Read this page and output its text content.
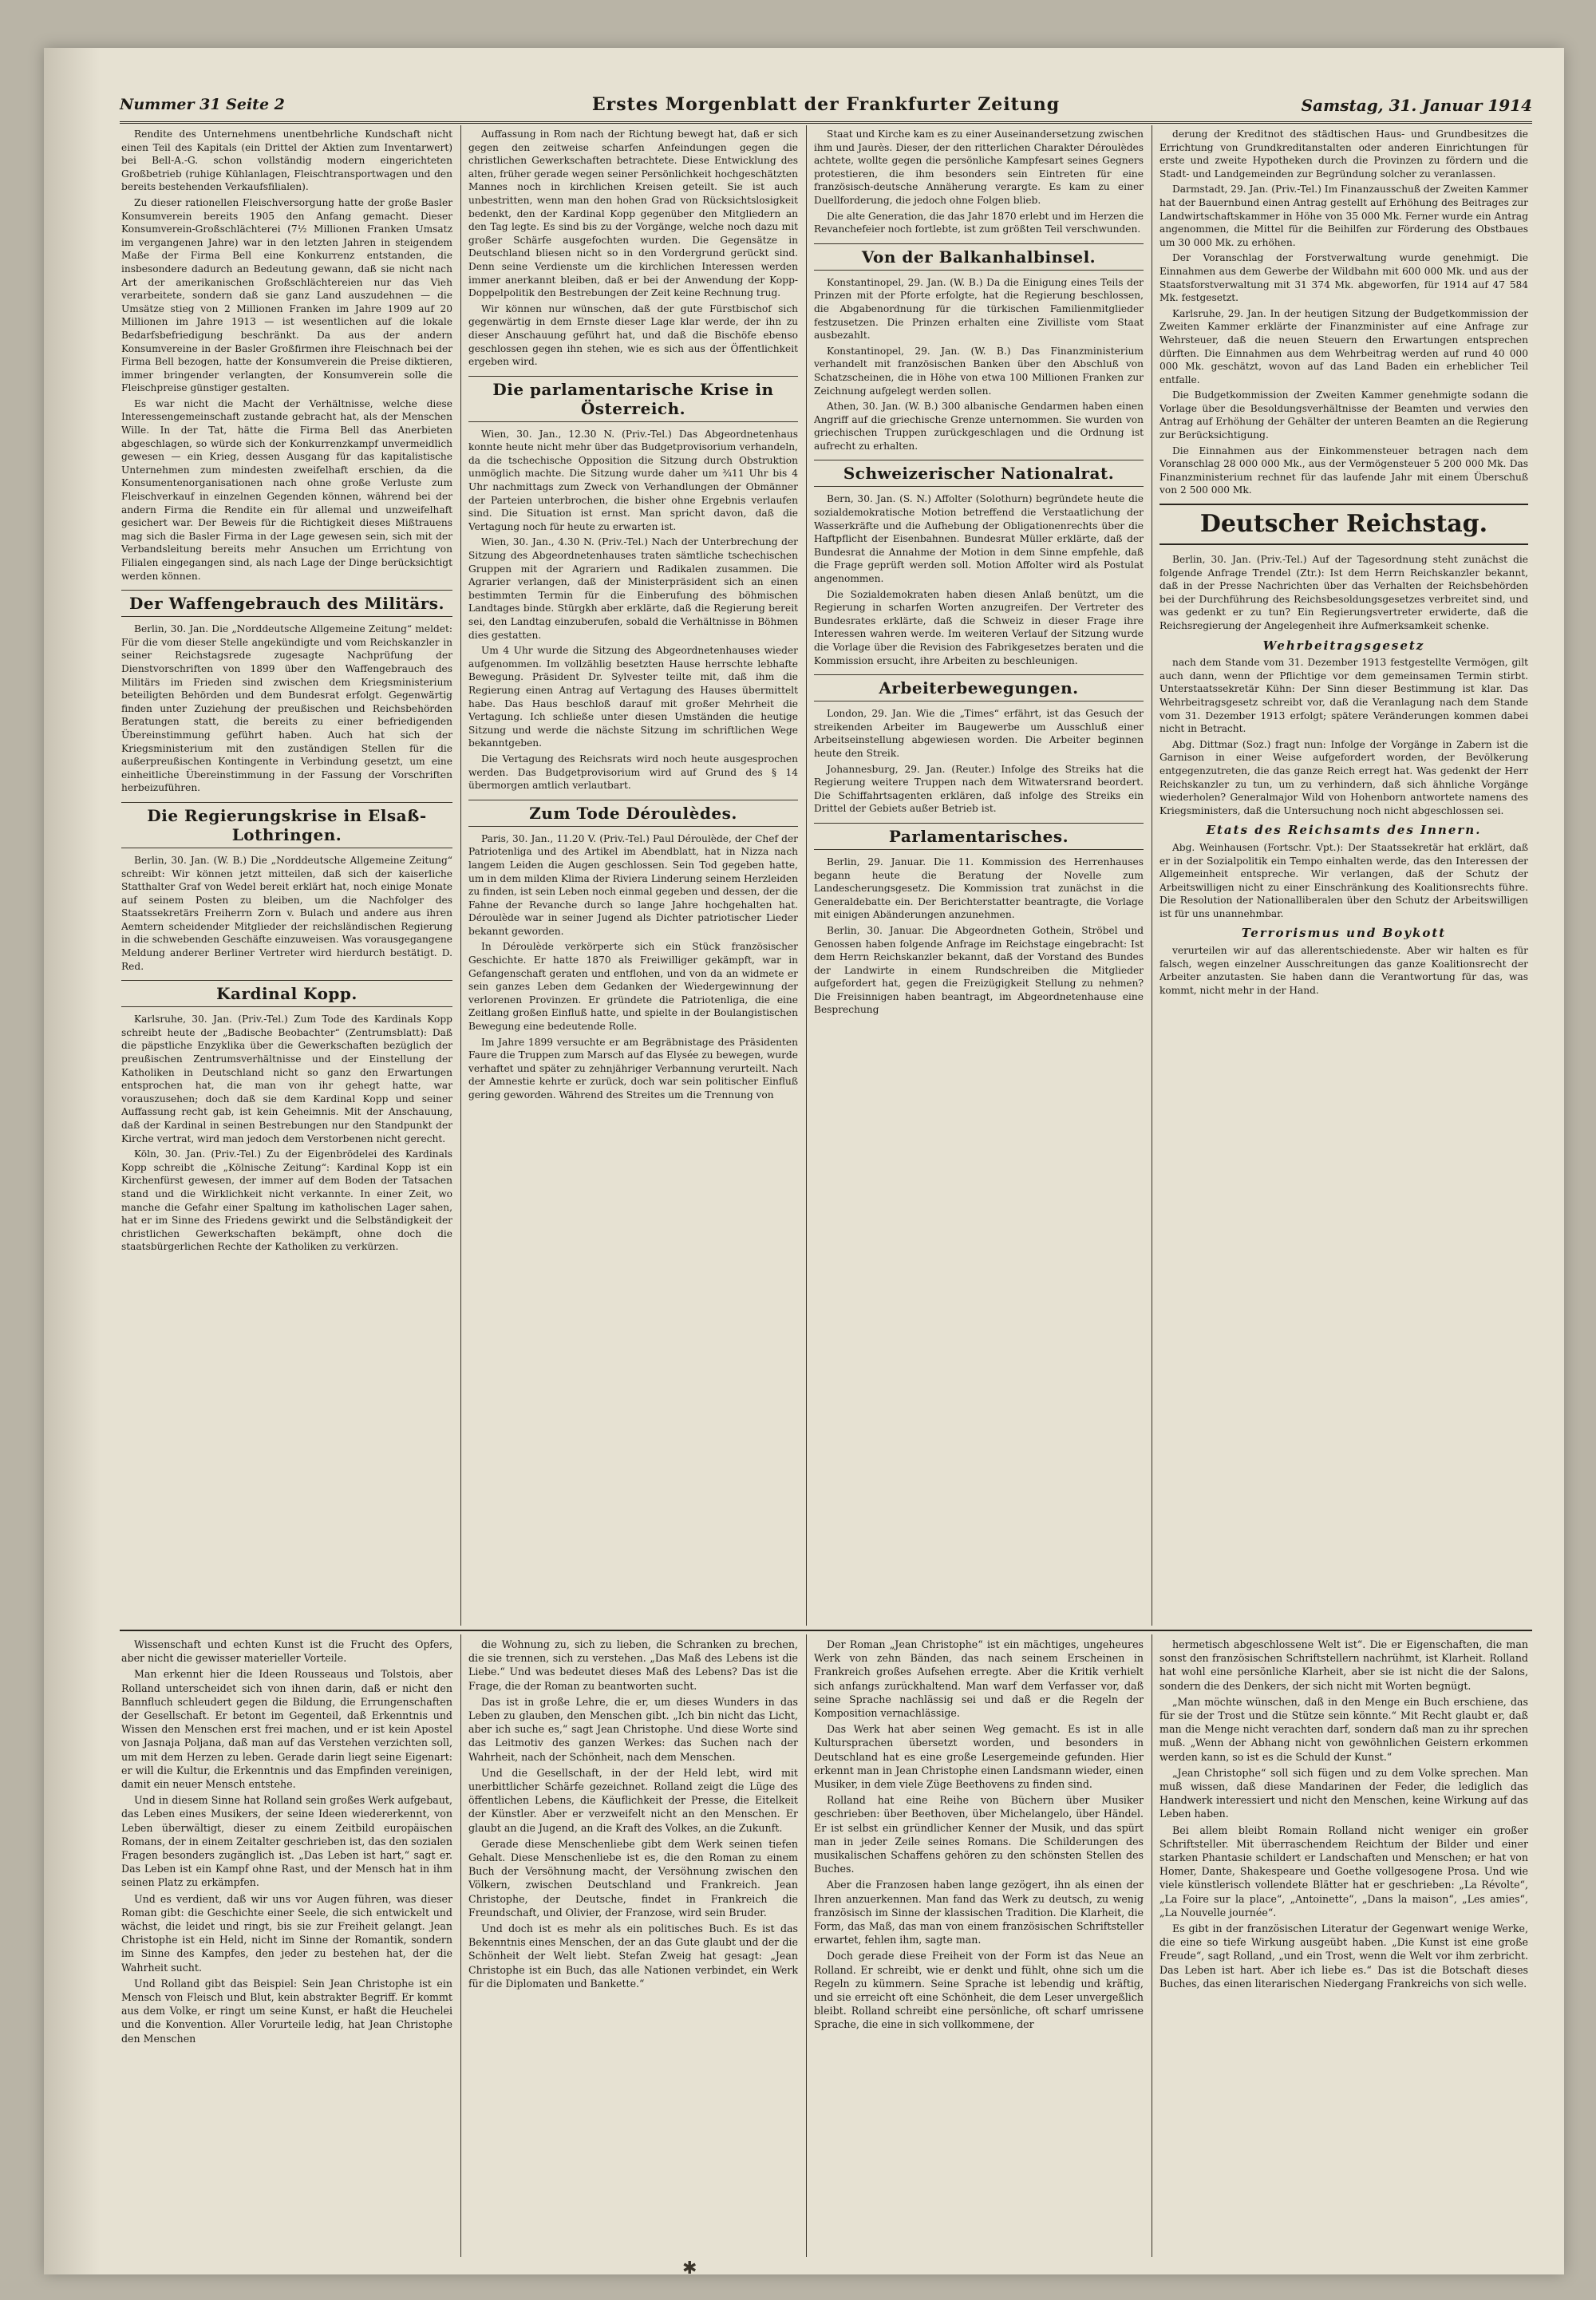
Nummer 31 Seite 2	Erstes Morgenblatt der Frankfurter Zeitung	Samstag, 31. Januar 1914

Rendite des Unternehmens unentbehrliche Kundschaft nicht einen Teil des Kapitals (ein Drittel der Aktien zum Inventarwert) bei Bell-A.-G. schon vollständig modern eingerichteten Großbetrieb (ruhige Kühlanlagen, Fleischtransportwagen und den bereits bestehenden Verkaufsfilialen).

Zu dieser rationellen Fleischversorgung hatte der große Basler Konsumverein bereits 1905 den Anfang gemacht. Dieser Konsumverein-Großschlächterei (7½ Millionen Franken Umsatz im vergangenen Jahre) war in den letzten Jahren in steigendem Maße der Firma Bell eine Konkurrenz entstanden, die insbesondere dadurch an Bedeutung gewann, daß sie nicht nach Art der amerikanischen Großschlächtereien nur das Vieh verarbeitete, sondern daß sie ganz Land auszudehnen — die Umsätze stieg von 2 Millionen Franken im Jahre 1909 auf 20 Millionen im Jahre 1913 — ist wesentlichen auf die lokale Bedarfsbefriedigung beschränkt. Da aus der andern Konsumvereine in der Basler Großfirmen ihre Fleischnach bei der Firma Bell bezogen, hatte der Konsumverein die Preise diktieren, immer bringender verlangten, der Konsumverein solle die Fleischpreise günstiger gestalten.

Es war nicht die Macht der Verhältnisse, welche diese Interessengemeinschaft zustande gebracht hat, als der Menschen Wille. In der Tat, hätte die Firma Bell das Anerbieten abgeschlagen, so würde sich der Konkurrenzkampf unvermeidlich gewesen — ein Krieg, dessen Ausgang für das kapitalistische Unternehmen zum mindesten zweifelhaft erschien, da die Konsumentenorganisationen nach ohne große Verluste zum Fleischverkauf in einzelnen Gegenden können, während bei der andern Firma die Rendite ein für allemal und unzweifelhaft gesichert war. Der Beweis für die Richtigkeit dieses Mißtrauens mag sich die Basler Firma in der Lage gewesen sein, sich mit der Verbandsleitung bereits mehr Ansuchen um Errichtung von Filialen eingegangen sind, als nach Lage der Dinge berücksichtigt werden können.

Der Waffengebrauch des Militärs.

Berlin, 30. Jan. Die „Norddeutsche Allgemeine Zeitung“ meldet: Für die vom dieser Stelle angekündigte und vom Reichskanzler in seiner Reichstagsrede zugesagte Nachprüfung der Dienstvorschriften von 1899 über den Waffengebrauch des Militärs im Frieden sind zwischen dem Kriegsministerium beteiligten Behörden und dem Bundesrat erfolgt. Gegenwärtig finden unter Zuziehung der preußischen und Reichsbehörden Beratungen statt, die bereits zu einer befriedigenden Übereinstimmung geführt haben. Auch hat sich der Kriegsministerium mit den zuständigen Stellen für die außerpreußischen Kontingente in Verbindung gesetzt, um eine einheitliche Übereinstimmung in der Fassung der Vorschriften herbeizuführen.

Die Regierungskrise in Elsaß-Lothringen.

Berlin, 30. Jan. (W. B.) Die „Norddeutsche Allgemeine Zeitung“ schreibt: Wir können jetzt mitteilen, daß sich der kaiserliche Statthalter Graf von Wedel bereit erklärt hat, noch einige Monate auf seinem Posten zu bleiben, um die Nachfolger des Staatssekretärs Freiherrn Zorn v. Bulach und andere aus ihren Aemtern scheidender Mitglieder der reichsländischen Regierung in die schwebenden Geschäfte einzuweisen. Was vorausgegangene Meldung anderer Berliner Vertreter wird hierdurch bestätigt. D. Red.

Kardinal Kopp.

Karlsruhe, 30. Jan. (Priv.-Tel.) Zum Tode des Kardinals Kopp schreibt heute der „Badische Beobachter“ (Zentrumsblatt): Daß die päpstliche Enzyklika über die Gewerkschaften bezüglich der preußischen Zentrumsverhältnisse und der Einstellung der Katholiken in Deutschland nicht so ganz den Erwartungen entsprochen hat, die man von ihr gehegt hatte, war vorauszusehen; doch daß sie dem Kardinal Kopp und seiner Auffassung recht gab, ist kein Geheimnis. Mit der Anschauung, daß der Kardinal in seinen Bestrebungen nur den Standpunkt der Kirche vertrat, wird man jedoch dem Verstorbenen nicht gerecht.

Köln, 30. Jan. (Priv.-Tel.) Zu der Eigenbrödelei des Kardinals Kopp schreibt die „Kölnische Zeitung“: Kardinal Kopp ist ein Kirchenfürst gewesen, der immer auf dem Boden der Tatsachen stand und die Wirklichkeit nicht verkannte. In einer Zeit, wo manche die Gefahr einer Spaltung im katholischen Lager sahen, hat er im Sinne des Friedens gewirkt und die Selbständigkeit der christlichen Gewerkschaften bekämpft, ohne doch die staatsbürgerlichen Rechte der Katholiken zu verkürzen.

Auffassung in Rom nach der Richtung bewegt hat, daß er sich gegen den zeitweise scharfen Anfeindungen gegen die christlichen Gewerkschaften betrachtete. Diese Entwicklung des alten, früher gerade wegen seiner Persönlichkeit hochgeschätzten Mannes noch in kirchlichen Kreisen geteilt. Sie ist auch unbestritten, wenn man den hohen Grad von Rücksichtslosigkeit bedenkt, den der Kardinal Kopp gegenüber den Mitgliedern an den Tag legte. Es sind bis zu der Vorgänge, welche noch dazu mit großer Schärfe ausgefochten wurden. Die Gegensätze in Deutschland bliesen nicht so in den Vordergrund gerückt sind. Denn seine Verdienste um die kirchlichen Interessen werden immer anerkannt bleiben, daß er bei der Anwendung der Kopp-Doppelpolitik den Bestrebungen der Zeit keine Rechnung trug.

Wir können nur wünschen, daß der gute Fürstbischof sich gegenwärtig in dem Ernste dieser Lage klar werde, der ihn zu dieser Anschauung geführt hat, und daß die Bischöfe ebenso geschlossen gegen ihn stehen, wie es sich aus der Öffentlichkeit ergeben wird.

Die parlamentarische Krise in Österreich.

Wien, 30. Jan., 12.30 N. (Priv.-Tel.) Das Abgeordnetenhaus konnte heute nicht mehr über das Budgetprovisorium verhandeln, da die tschechische Opposition die Sitzung durch Obstruktion unmöglich machte. Die Sitzung wurde daher um ¾11 Uhr bis 4 Uhr nachmittags zum Zweck von Verhandlungen der Obmänner der Parteien unterbrochen, die bisher ohne Ergebnis verlaufen sind. Die Situation ist ernst. Man spricht davon, daß die Vertagung noch für heute zu erwarten ist.

Wien, 30. Jan., 4.30 N. (Priv.-Tel.) Nach der Unterbrechung der Sitzung des Abgeordnetenhauses traten sämtliche tschechischen Gruppen mit der Agrariern und Radikalen zusammen. Die Agrarier verlangen, daß der Ministerpräsident sich an einen bestimmten Termin für die Einberufung des böhmischen Landtages binde. Stürgkh aber erklärte, daß die Regierung bereit sei, den Landtag einzuberufen, sobald die Verhältnisse in Böhmen dies gestatten.

Um 4 Uhr wurde die Sitzung des Abgeordnetenhauses wieder aufgenommen. Im vollzählig besetzten Hause herrschte lebhafte Bewegung. Präsident Dr. Sylvester teilte mit, daß ihm die Regierung einen Antrag auf Vertagung des Hauses übermittelt habe. Das Haus beschloß darauf mit großer Mehrheit die Vertagung. Ich schließe unter diesen Umständen die heutige Sitzung und werde die nächste Sitzung im schriftlichen Wege bekanntgeben.

Die Vertagung des Reichsrats wird noch heute ausgesprochen werden. Das Budgetprovisorium wird auf Grund des § 14 übermorgen amtlich verlautbart.

Zum Tode Déroulèdes.

Paris, 30. Jan., 11.20 V. (Priv.-Tel.) Paul Déroulède, der Chef der Patriotenliga und des Artikel im Abendblatt, hat in Nizza nach langem Leiden die Augen geschlossen. Sein Tod gegeben hatte, um in dem milden Klima der Riviera Linderung seinem Herzleiden zu finden, ist sein Leben noch einmal gegeben und dessen, der die Fahne der Revanche durch so lange Jahre hochgehalten hat. Déroulède war in seiner Jugend als Dichter patriotischer Lieder bekannt geworden.

In Déroulède verkörperte sich ein Stück französischer Geschichte. Er hatte 1870 als Freiwilliger gekämpft, war in Gefangenschaft geraten und entflohen, und von da an widmete er sein ganzes Leben dem Gedanken der Wiedergewinnung der verlorenen Provinzen. Er gründete die Patriotenliga, die eine Zeitlang großen Einfluß hatte, und spielte in der Boulangistischen Bewegung eine bedeutende Rolle.

Im Jahre 1899 versuchte er am Begräbnistage des Präsidenten Faure die Truppen zum Marsch auf das Elysée zu bewegen, wurde verhaftet und später zu zehnjähriger Verbannung verurteilt. Nach der Amnestie kehrte er zurück, doch war sein politischer Einfluß gering geworden. Während des Streites um die Trennung von

Staat und Kirche kam es zu einer Auseinandersetzung zwischen ihm und Jaurès. Dieser, der den ritterlichen Charakter Déroulèdes achtete, wollte gegen die persönliche Kampfesart seines Gegners protestieren, die ihm besonders sein Eintreten für eine französisch-deutsche Annäherung verargte. Es kam zu einer Duellforderung, die jedoch ohne Folgen blieb.

Die alte Generation, die das Jahr 1870 erlebt und im Herzen die Revanchefeier noch fortlebte, ist zum größten Teil verschwunden.

Von der Balkanhalbinsel.

Konstantinopel, 29. Jan. (W. B.) Da die Einigung eines Teils der Prinzen mit der Pforte erfolgte, hat die Regierung beschlossen, die Abgabenordnung für die türkischen Familienmitglieder festzusetzen. Die Prinzen erhalten eine Zivilliste vom Staat ausbezahlt.

Konstantinopel, 29. Jan. (W. B.) Das Finanzministerium verhandelt mit französischen Banken über den Abschluß von Schatzscheinen, die in Höhe von etwa 100 Millionen Franken zur Zeichnung aufgelegt werden sollen.

Athen, 30. Jan. (W. B.) 300 albanische Gendarmen haben einen Angriff auf die griechische Grenze unternommen. Sie wurden von griechischen Truppen zurückgeschlagen und die Ordnung ist aufrecht zu erhalten.

Schweizerischer Nationalrat.

Bern, 30. Jan. (S. N.) Affolter (Solothurn) begründete heute die sozialdemokratische Motion betreffend die Verstaatlichung der Wasserkräfte und die Aufhebung der Obligationenrechts über die Haftpflicht der Eisenbahnen. Bundesrat Müller erklärte, daß der Bundesrat die Annahme der Motion in dem Sinne empfehle, daß die Frage geprüft werden soll. Motion Affolter wird als Postulat angenommen.

Die Sozialdemokraten haben diesen Anlaß benützt, um die Regierung in scharfen Worten anzugreifen. Der Vertreter des Bundesrates erklärte, daß die Schweiz in dieser Frage ihre Interessen wahren werde. Im weiteren Verlauf der Sitzung wurde die Vorlage über die Revision des Fabrikgesetzes beraten und die Kommission ersucht, ihre Arbeiten zu beschleunigen.

Arbeiterbewegungen.

London, 29. Jan. Wie die „Times“ erfährt, ist das Gesuch der streikenden Arbeiter im Baugewerbe um Ausschluß einer Arbeitseinstellung abgewiesen worden. Die Arbeiter beginnen heute den Streik.

Johannesburg, 29. Jan. (Reuter.) Infolge des Streiks hat die Regierung weitere Truppen nach dem Witwatersrand beordert. Die Schiffahrtsagenten erklären, daß infolge des Streiks ein Drittel der Gebiets außer Betrieb ist.

Parlamentarisches.

Berlin, 29. Januar. Die 11. Kommission des Herrenhauses begann heute die Beratung der Novelle zum Landescherungsgesetz. Die Kommission trat zunächst in die Generaldebatte ein. Der Berichterstatter beantragte, die Vorlage mit einigen Abänderungen anzunehmen.

Berlin, 30. Januar. Die Abgeordneten Gothein, Ströbel und Genossen haben folgende Anfrage im Reichstage eingebracht: Ist dem Herrn Reichskanzler bekannt, daß der Vorstand des Bundes der Landwirte in einem Rundschreiben die Mitglieder aufgefordert hat, gegen die Freizügigkeit Stellung zu nehmen? Die Freisinnigen haben beantragt, im Abgeordnetenhause eine Besprechung

derung der Kreditnot des städtischen Haus- und Grundbesitzes die Errichtung von Grundkreditanstalten oder anderen Einrichtungen für erste und zweite Hypotheken durch die Provinzen zu fördern und die Stadt- und Landgemeinden zur Begründung solcher zu veranlassen.

Darmstadt, 29. Jan. (Priv.-Tel.) Im Finanzausschuß der Zweiten Kammer hat der Bauernbund einen Antrag gestellt auf Erhöhung des Beitrages zur Landwirtschaftskammer in Höhe von 35 000 Mk. Ferner wurde ein Antrag angenommen, die Mittel für die Beihilfen zur Förderung des Obstbaues um 30 000 Mk. zu erhöhen.

Der Voranschlag der Forstverwaltung wurde genehmigt. Die Einnahmen aus dem Gewerbe der Wildbahn mit 600 000 Mk. und aus der Staatsforstverwaltung mit 31 374 Mk. abgeworfen, für 1914 auf 47 584 Mk. festgesetzt.

Karlsruhe, 29. Jan. In der heutigen Sitzung der Budgetkommission der Zweiten Kammer erklärte der Finanzminister auf eine Anfrage zur Wehrsteuer, daß die neuen Steuern den Erwartungen entsprechen dürften. Die Einnahmen aus dem Wehrbeitrag werden auf rund 40 000 000 Mk. geschätzt, wovon auf das Land Baden ein erheblicher Teil entfalle.

Die Budgetkommission der Zweiten Kammer genehmigte sodann die Vorlage über die Besoldungsverhältnisse der Beamten und verwies den Antrag auf Erhöhung der Gehälter der unteren Beamten an die Regierung zur Berücksichtigung.

Die Einnahmen aus der Einkommensteuer betragen nach dem Voranschlag 28 000 000 Mk., aus der Vermögensteuer 5 200 000 Mk. Das Finanzministerium rechnet für das laufende Jahr mit einem Überschuß von 2 500 000 Mk.

Deutscher Reichstag.

Berlin, 30. Jan. (Priv.-Tel.) Auf der Tagesordnung steht zunächst die folgende Anfrage Trendel (Ztr.): Ist dem Herrn Reichskanzler bekannt, daß in der Presse Nachrichten über das Verhalten der Reichsbehörden bei der Durchführung des Reichsbesoldungsgesetzes verbreitet sind, und was gedenkt er zu tun? Ein Regierungsvertreter erwiderte, daß die Reichsregierung der Angelegenheit ihre Aufmerksamkeit schenke.

Wehrbeitragsgesetz

nach dem Stande vom 31. Dezember 1913 festgestellte Vermögen, gilt auch dann, wenn der Pflichtige vor dem gemeinsamen Termin stirbt. Unterstaatssekretär Kühn: Der Sinn dieser Bestimmung ist klar. Das Wehrbeitragsgesetz schreibt vor, daß die Veranlagung nach dem Stande vom 31. Dezember 1913 erfolgt; spätere Veränderungen kommen dabei nicht in Betracht.

Abg. Dittmar (Soz.) fragt nun: Infolge der Vorgänge in Zabern ist die Garnison in einer Weise aufgefordert worden, der Bevölkerung entgegenzutreten, die das ganze Reich erregt hat. Was gedenkt der Herr Reichskanzler zu tun, um zu verhindern, daß sich ähnliche Vorgänge wiederholen? Generalmajor Wild von Hohenborn antwortete namens des Kriegsministers, daß die Untersuchung noch nicht abgeschlossen sei.

Etats des Reichsamts des Innern.

Abg. Weinhausen (Fortschr. Vpt.): Der Staatssekretär hat erklärt, daß er in der Sozialpolitik ein Tempo einhalten werde, das den Interessen der Allgemeinheit entspreche. Wir verlangen, daß der Schutz der Arbeitswilligen nicht zu einer Einschränkung des Koalitionsrechts führe. Die Resolution der Nationalliberalen über den Schutz der Arbeitswilligen ist für uns unannehmbar.

Terrorismus und Boykott

verurteilen wir auf das allerentschiedenste. Aber wir halten es für falsch, wegen einzelner Ausschreitungen das ganze Koalitionsrecht der Arbeiter anzutasten. Sie haben dann die Verantwortung für das, was kommt, nicht mehr in der Hand.

Wissenschaft und echten Kunst ist die Frucht des Opfers, aber nicht die gewisser materieller Vorteile.

Man erkennt hier die Ideen Rousseaus und Tolstois, aber Rolland unterscheidet sich von ihnen darin, daß er nicht den Bannfluch schleudert gegen die Bildung, die Errungenschaften der Gesellschaft. Er betont im Gegenteil, daß Erkenntnis und Wissen den Menschen erst frei machen, und er ist kein Apostel von Jasnaja Poljana, daß man auf das Verstehen verzichten soll, um mit dem Herzen zu leben. Gerade darin liegt seine Eigenart: er will die Kultur, die Erkenntnis und das Empfinden vereinigen, damit ein neuer Mensch entstehe.

Und in diesem Sinne hat Rolland sein großes Werk aufgebaut, das Leben eines Musikers, der seine Ideen wiedererkennt, von Leben überwältigt, dieser zu einem Zeitbild europäischen Romans, der in einem Zeitalter geschrieben ist, das den sozialen Fragen besonders zugänglich ist. „Das Leben ist hart,“ sagt er. Das Leben ist ein Kampf ohne Rast, und der Mensch hat in ihm seinen Platz zu erkämpfen.

Und es verdient, daß wir uns vor Augen führen, was dieser Roman gibt: die Geschichte einer Seele, die sich entwickelt und wächst, die leidet und ringt, bis sie zur Freiheit gelangt. Jean Christophe ist ein Held, nicht im Sinne der Romantik, sondern im Sinne des Kampfes, den jeder zu bestehen hat, der die Wahrheit sucht.

Und Rolland gibt das Beispiel: Sein Jean Christophe ist ein Mensch von Fleisch und Blut, kein abstrakter Begriff. Er kommt aus dem Volke, er ringt um seine Kunst, er haßt die Heuchelei und die Konvention. Aller Vorurteile ledig, hat Jean Christophe den Menschen

die Wohnung zu, sich zu lieben, die Schranken zu brechen, die sie trennen, sich zu verstehen. „Das Maß des Lebens ist die Liebe.“ Und was bedeutet dieses Maß des Lebens? Das ist die Frage, die der Roman zu beantworten sucht.

Das ist in große Lehre, die er, um dieses Wunders in das Leben zu glauben, den Menschen gibt. „Ich bin nicht das Licht, aber ich suche es,“ sagt Jean Christophe. Und diese Worte sind das Leitmotiv des ganzen Werkes: das Suchen nach der Wahrheit, nach der Schönheit, nach dem Menschen.

Und die Gesellschaft, in der der Held lebt, wird mit unerbittlicher Schärfe gezeichnet. Rolland zeigt die Lüge des öffentlichen Lebens, die Käuflichkeit der Presse, die Eitelkeit der Künstler. Aber er verzweifelt nicht an den Menschen. Er glaubt an die Jugend, an die Kraft des Volkes, an die Zukunft.

Gerade diese Menschenliebe gibt dem Werk seinen tiefen Gehalt. Diese Menschenliebe ist es, die den Roman zu einem Buch der Versöhnung macht, der Versöhnung zwischen den Völkern, zwischen Deutschland und Frankreich. Jean Christophe, der Deutsche, findet in Frankreich die Freundschaft, und Olivier, der Franzose, wird sein Bruder.

Und doch ist es mehr als ein politisches Buch. Es ist das Bekenntnis eines Menschen, der an das Gute glaubt und der die Schönheit der Welt liebt. Stefan Zweig hat gesagt: „Jean Christophe ist ein Buch, das alle Nationen verbindet, ein Werk für die Diplomaten und Bankette.“

Der Roman „Jean Christophe“ ist ein mächtiges, ungeheures Werk von zehn Bänden, das nach seinem Erscheinen in Frankreich großes Aufsehen erregte. Aber die Kritik verhielt sich anfangs zurückhaltend. Man warf dem Verfasser vor, daß seine Sprache nachlässig sei und daß er die Regeln der Komposition vernachlässige.

Das Werk hat aber seinen Weg gemacht. Es ist in alle Kultursprachen übersetzt worden, und besonders in Deutschland hat es eine große Lesergemeinde gefunden. Hier erkennt man in Jean Christophe einen Landsmann wieder, einen Musiker, in dem viele Züge Beethovens zu finden sind.

Rolland hat eine Reihe von Büchern über Musiker geschrieben: über Beethoven, über Michelangelo, über Händel. Er ist selbst ein gründlicher Kenner der Musik, und das spürt man in jeder Zeile seines Romans. Die Schilderungen des musikalischen Schaffens gehören zu den schönsten Stellen des Buches.

Aber die Franzosen haben lange gezögert, ihn als einen der Ihren anzuerkennen. Man fand das Werk zu deutsch, zu wenig französisch im Sinne der klassischen Tradition. Die Klarheit, die Form, das Maß, das man von einem französischen Schriftsteller erwartet, fehlen ihm, sagte man.

Doch gerade diese Freiheit von der Form ist das Neue an Rolland. Er schreibt, wie er denkt und fühlt, ohne sich um die Regeln zu kümmern. Seine Sprache ist lebendig und kräftig, und sie erreicht oft eine Schönheit, die dem Leser unvergeßlich bleibt. Rolland schreibt eine persönliche, oft scharf umrissene Sprache, die eine in sich vollkommene, der

hermetisch abgeschlossene Welt ist“. Die er Eigenschaften, die man sonst den französischen Schriftstellern nachrühmt, ist Klarheit. Rolland hat wohl eine persönliche Klarheit, aber sie ist nicht die der Salons, sondern die des Denkers, der sich nicht mit Worten begnügt.

„Man möchte wünschen, daß in den Menge ein Buch erschiene, das für sie der Trost und die Stütze sein könnte.“ Mit Recht glaubt er, daß man die Menge nicht verachten darf, sondern daß man zu ihr sprechen muß. „Wenn der Abhang nicht von gewöhnlichen Geistern erkommen werden kann, so ist es die Schuld der Kunst.“

„Jean Christophe“ soll sich fügen und zu dem Volke sprechen. Man muß wissen, daß diese Mandarinen der Feder, die lediglich das Handwerk interessiert und nicht den Menschen, keine Wirkung auf das Leben haben.

Bei allem bleibt Romain Rolland nicht weniger ein großer Schriftsteller. Mit überraschendem Reichtum der Bilder und einer starken Phantasie schildert er Landschaften und Menschen; er hat von Homer, Dante, Shakespeare und Goethe vollgesogene Prosa. Und wie viele künstlerisch vollendete Blätter hat er geschrieben: „La Révolte“, „La Foire sur la place“, „Antoinette“, „Dans la maison“, „Les amies“, „La Nouvelle journée“.

Es gibt in der französischen Literatur der Gegenwart wenige Werke, die eine so tiefe Wirkung ausgeübt haben. „Die Kunst ist eine große Freude“, sagt Rolland, „und ein Trost, wenn die Welt vor ihm zerbricht. Das Leben ist hart. Aber ich liebe es.“ Das ist die Botschaft dieses Buches, das einen literarischen Niedergang Frankreichs von sich welle.

✱
